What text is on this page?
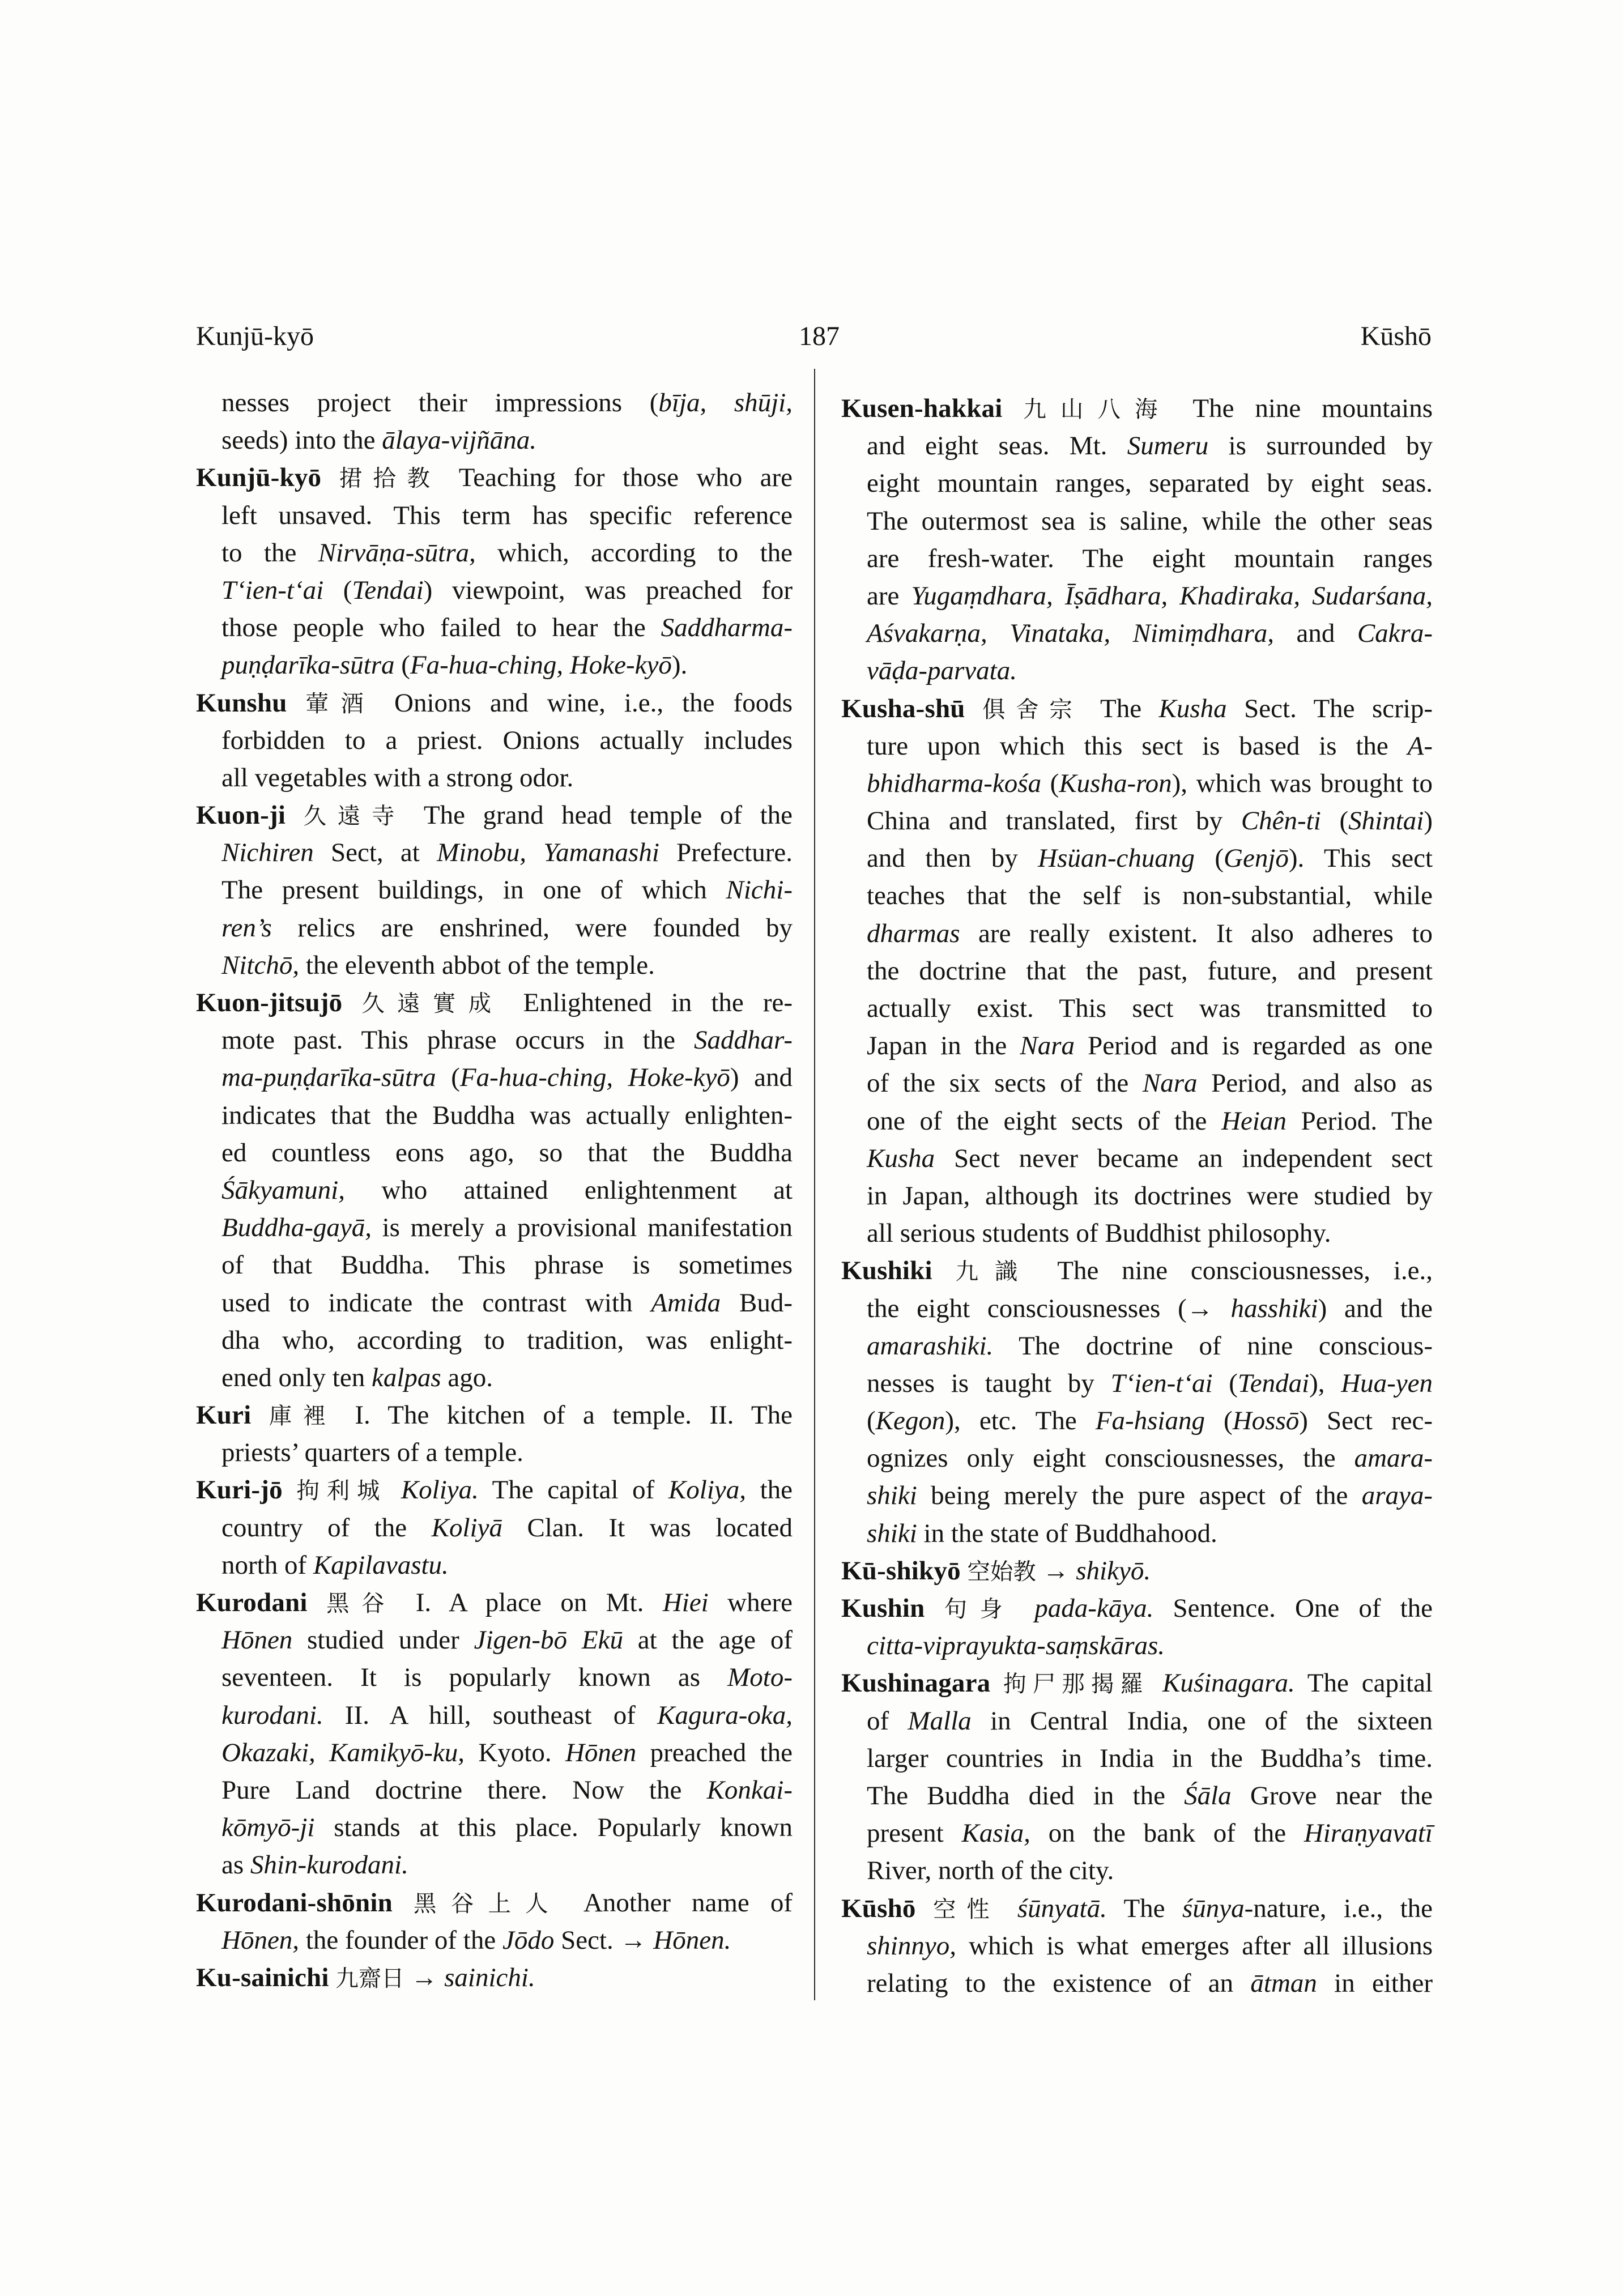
Kunjū-kyō	187	Kūshō
nesses project their impressions (bīja, shūji,
seeds) into the ālaya-vijñāna.
Kunjū-kyō 捃拾教 Teaching for those who are
left unsaved. This term has specific reference
to the Nirvāṇa-sūtra, which, according to the
T‘ien-t‘ai (Tendai) viewpoint, was preached for
those people who failed to hear the Saddharma-
puṇḍarīka-sūtra (Fa-hua-ching, Hoke-kyō).
Kunshu 葷酒 Onions and wine, i.e., the foods
forbidden to a priest. Onions actually includes
all vegetables with a strong odor.
Kuon-ji 久遠寺 The grand head temple of the
Nichiren Sect, at Minobu, Yamanashi Prefecture.
The present buildings, in one of which Nichi-
ren’s relics are enshrined, were founded by
Nitchō, the eleventh abbot of the temple.
Kuon-jitsujō 久遠實成 Enlightened in the re-
mote past. This phrase occurs in the Saddhar-
ma-puṇḍarīka-sūtra (Fa-hua-ching, Hoke-kyō) and
indicates that the Buddha was actually enlighten-
ed countless eons ago, so that the Buddha
Śākyamuni, who attained enlightenment at
Buddha-gayā, is merely a provisional manifestation
of that Buddha. This phrase is sometimes
used to indicate the contrast with Amida Bud-
dha who, according to tradition, was enlight-
ened only ten kalpas ago.
Kuri 庫裡 I. The kitchen of a temple. II. The
priests’ quarters of a temple.
Kuri-jō 拘利城 Koliya. The capital of Koliya, the
country of the Koliyā Clan. It was located
north of Kapilavastu.
Kurodani 黑谷 I. A place on Mt. Hiei where
Hōnen studied under Jigen-bō Ekū at the age of
seventeen. It is popularly known as Moto-
kurodani. II. A hill, southeast of Kagura-oka,
Okazaki, Kamikyō-ku, Kyoto. Hōnen preached the
Pure Land doctrine there. Now the Konkai-
kōmyō-ji stands at this place. Popularly known
as Shin-kurodani.
Kurodani-shōnin 黑谷上人 Another name of
Hōnen, the founder of the Jōdo Sect. → Hōnen.
Ku-sainichi 九齋日 → sainichi.
Kusen-hakkai 九山八海 The nine mountains
and eight seas. Mt. Sumeru is surrounded by
eight mountain ranges, separated by eight seas.
The outermost sea is saline, while the other seas
are fresh-water. The eight mountain ranges
are Yugaṃdhara, Īṣādhara, Khadiraka, Sudarśana,
Aśvakarṇa, Vinataka, Nimiṃdhara, and Cakra-
vāḍa-parvata.
Kusha-shū 俱舍宗 The Kusha Sect. The scrip-
ture upon which this sect is based is the A-
bhidharma-kośa (Kusha-ron), which was brought to
China and translated, first by Chên-ti (Shintai)
and then by Hsüan-chuang (Genjō). This sect
teaches that the self is non-substantial, while
dharmas are really existent. It also adheres to
the doctrine that the past, future, and present
actually exist. This sect was transmitted to
Japan in the Nara Period and is regarded as one
of the six sects of the Nara Period, and also as
one of the eight sects of the Heian Period. The
Kusha Sect never became an independent sect
in Japan, although its doctrines were studied by
all serious students of Buddhist philosophy.
Kushiki 九識 The nine consciousnesses, i.e.,
the eight consciousnesses (→ hasshiki) and the
amarashiki. The doctrine of nine conscious-
nesses is taught by T‘ien-t‘ai (Tendai), Hua-yen
(Kegon), etc. The Fa-hsiang (Hossō) Sect rec-
ognizes only eight consciousnesses, the amara-
shiki being merely the pure aspect of the araya-
shiki in the state of Buddhahood.
Kū-shikyō 空始教 → shikyō.
Kushin 句身 pada-kāya. Sentence. One of the
citta-viprayukta-saṃskāras.
Kushinagara 拘尸那揭羅 Kuśinagara. The capital
of Malla in Central India, one of the sixteen
larger countries in India in the Buddha’s time.
The Buddha died in the Śāla Grove near the
present Kasia, on the bank of the Hiraṇyavatī
River, north of the city.
Kūshō 空性 śūnyatā. The śūnya-nature, i.e., the
shinnyo, which is what emerges after all illusions
relating to the existence of an ātman in either
